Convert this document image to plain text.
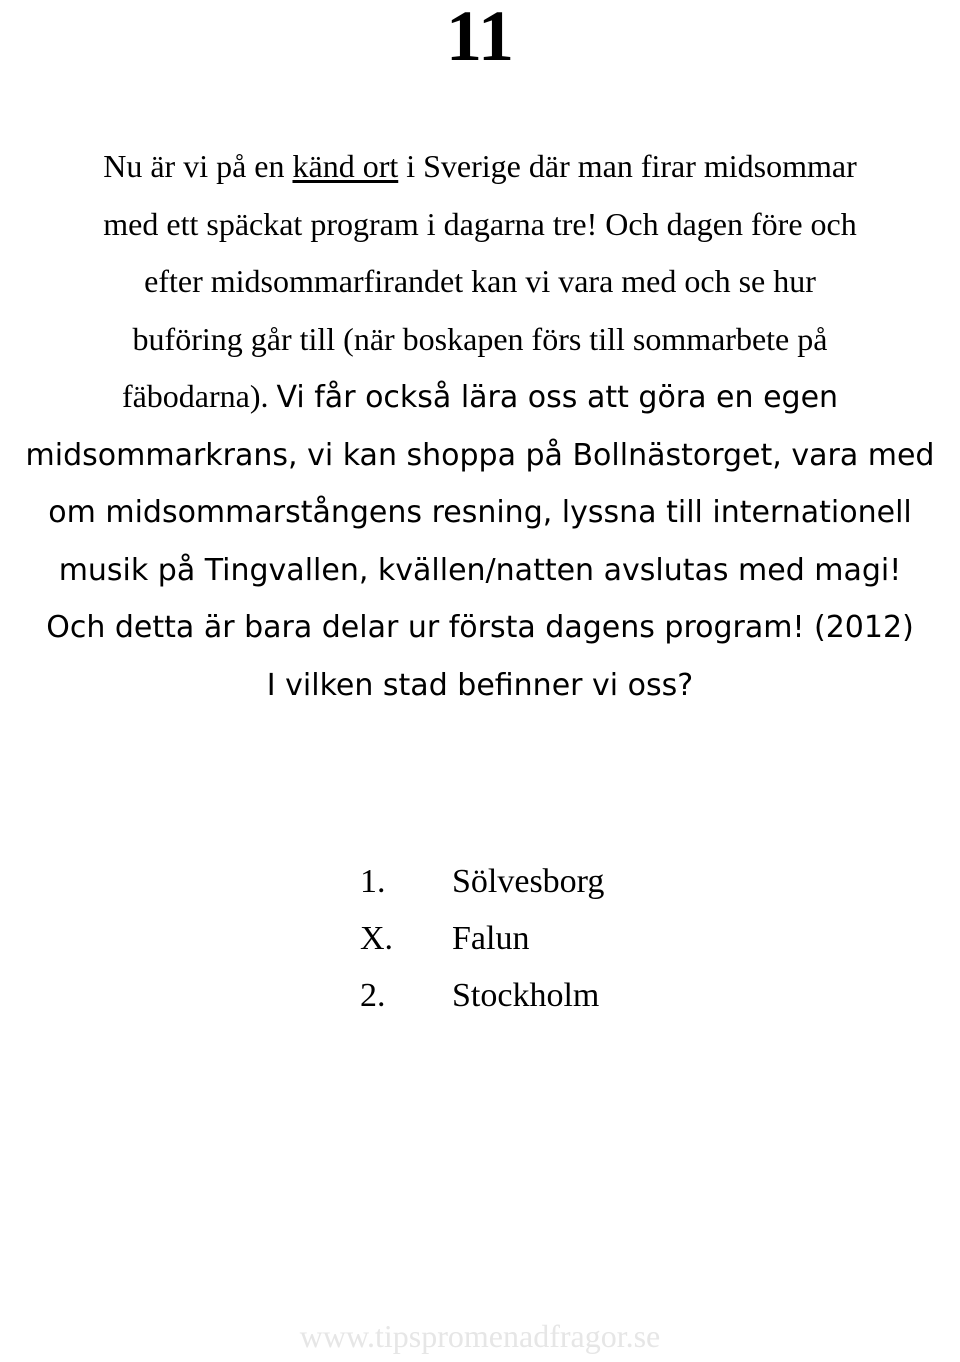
11

Nu är vi på en känd ort i Sverige där man firar midsommar
med ett späckat program i dagarna tre! Och dagen före och
efter midsommarfirandet kan vi vara med och se hur
buföring går till (när boskapen förs till sommarbete på
fäbodarna). Vi får också lära oss att göra en egen
midsommarkrans, vi kan shoppa på Bollnästorget, vara med
om midsommarstångens resning, lyssna till internationell
musik på Tingvallen, kvällen/natten avslutas med magi!
Och detta är bara delar ur första dagens program! (2012)
I vilken stad befinner vi oss?

1.	Sölvesborg
X.	Falun
2.	Stockholm

www.tipspromenadfragor.se
